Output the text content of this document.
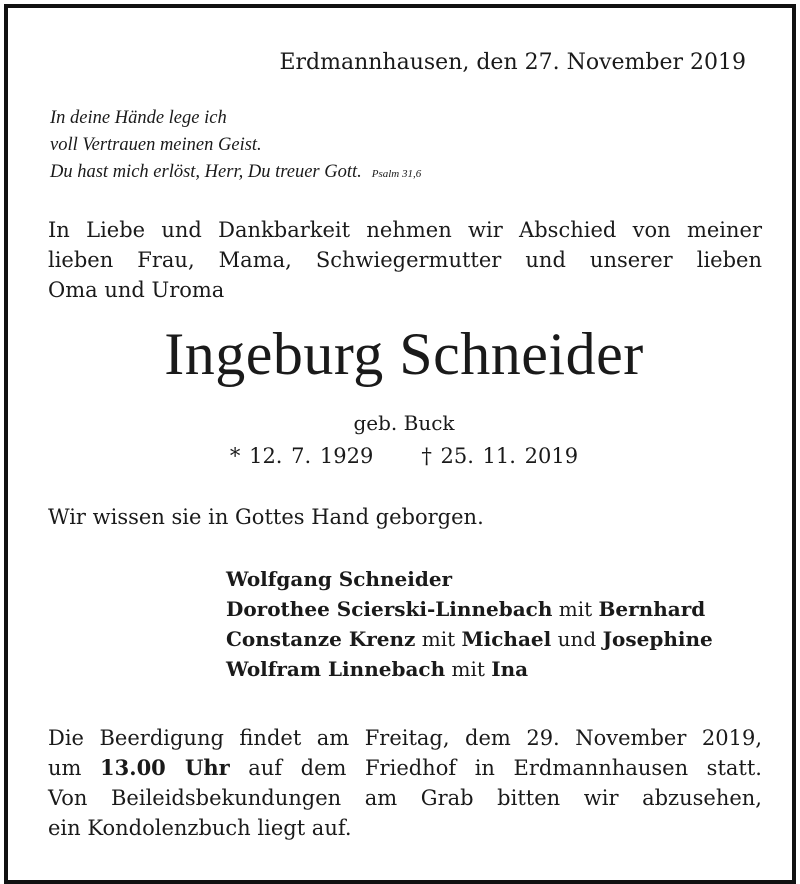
Erdmannhausen, den 27. November 2019
In deine Hände lege ich
voll Vertrauen meinen Geist.
Du hast mich erlöst, Herr, Du treuer Gott. Psalm 31,6
In Liebe und Dankbarkeit nehmen wir Abschied von meiner
lieben Frau, Mama, Schwiegermutter und unserer lieben
Oma und Uroma
Ingeburg Schneider
geb. Buck
* 12. 7. 1929 † 25. 11. 2019
Wir wissen sie in Gottes Hand geborgen.
Wolfgang Schneider
Dorothee Scierski-Linnebach mit Bernhard
Constanze Krenz mit Michael und Josephine
Wolfram Linnebach mit Ina
Die Beerdigung findet am Freitag, dem 29. November 2019,
um 13.00 Uhr auf dem Friedhof in Erdmannhausen statt.
Von Beileidsbekundungen am Grab bitten wir abzusehen,
ein Kondolenzbuch liegt auf.
